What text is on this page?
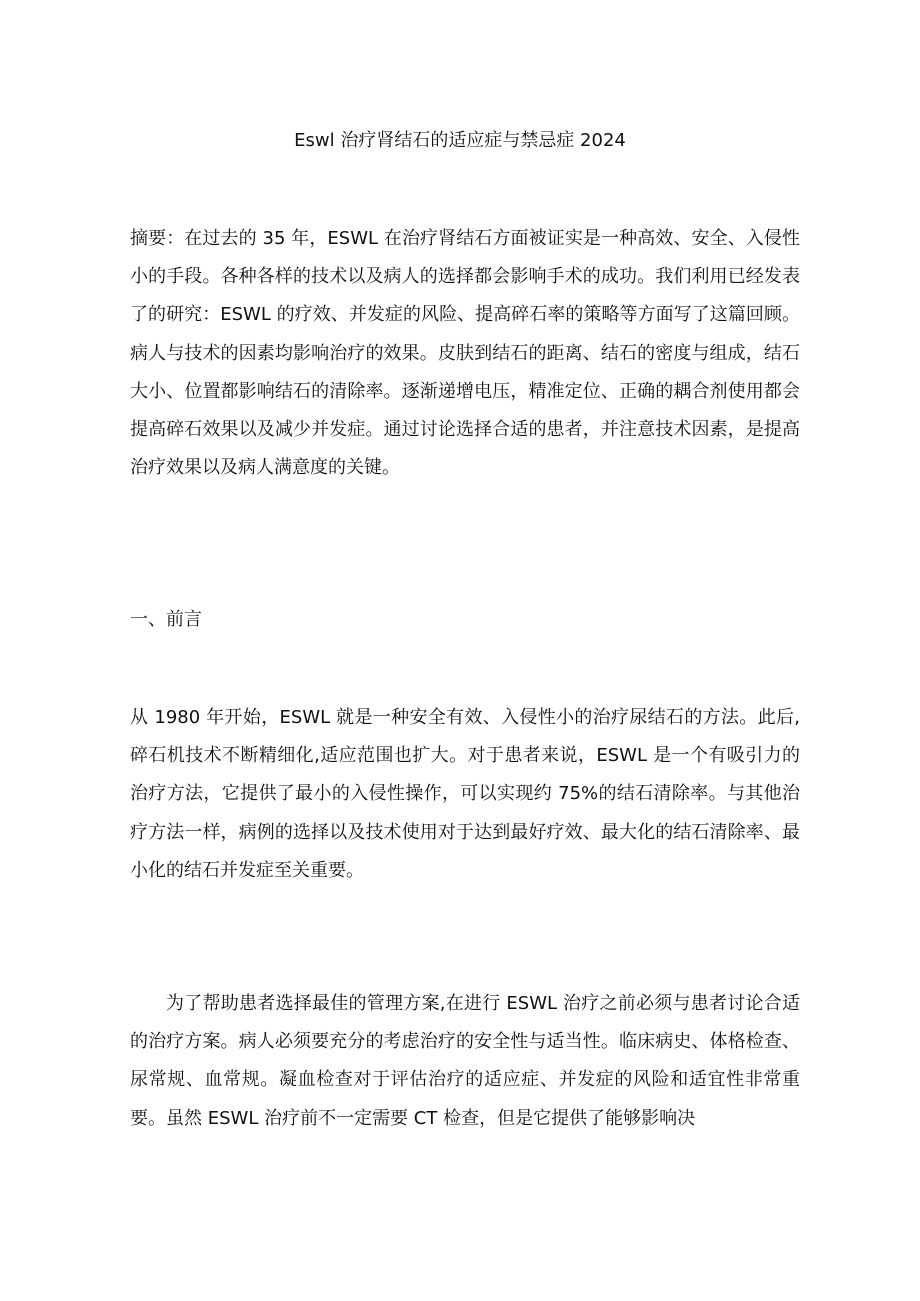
Eswl 治疗肾结石的适应症与禁忌症 2024

摘要：在过去的 35 年，ESWL 在治疗肾结石方面被证实是一种高效、安全、入侵性小的手段。各种各样的技术以及病人的选择都会影响手术的成功。我们利用已经发表了的研究：ESWL 的疗效、并发症的风险、提高碎石率的策略等方面写了这篇回顾。病人与技术的因素均影响治疗的效果。皮肤到结石的距离、结石的密度与组成，结石大小、位置都影响结石的清除率。逐渐递增电压，精准定位、正确的耦合剂使用都会提高碎石效果以及减少并发症。通过讨论选择合适的患者，并注意技术因素，是提高治疗效果以及病人满意度的关键。

一、前言

从 1980 年开始，ESWL 就是一种安全有效、入侵性小的治疗尿结石的方法。此后,碎石机技术不断精细化,适应范围也扩大。对于患者来说，ESWL 是一个有吸引力的治疗方法，它提供了最小的入侵性操作，可以实现约 75%的结石清除率。与其他治疗方法一样，病例的选择以及技术使用对于达到最好疗效、最大化的结石清除率、最小化的结石并发症至关重要。

为了帮助患者选择最佳的管理方案,在进行 ESWL 治疗之前必须与患者讨论合适的治疗方案。病人必须要充分的考虑治疗的安全性与适当性。临床病史、体格检查、尿常规、血常规。凝血检查对于评估治疗的适应症、并发症的风险和适宜性非常重要。虽然 ESWL 治疗前不一定需要 CT 检查，但是它提供了能够影响决
